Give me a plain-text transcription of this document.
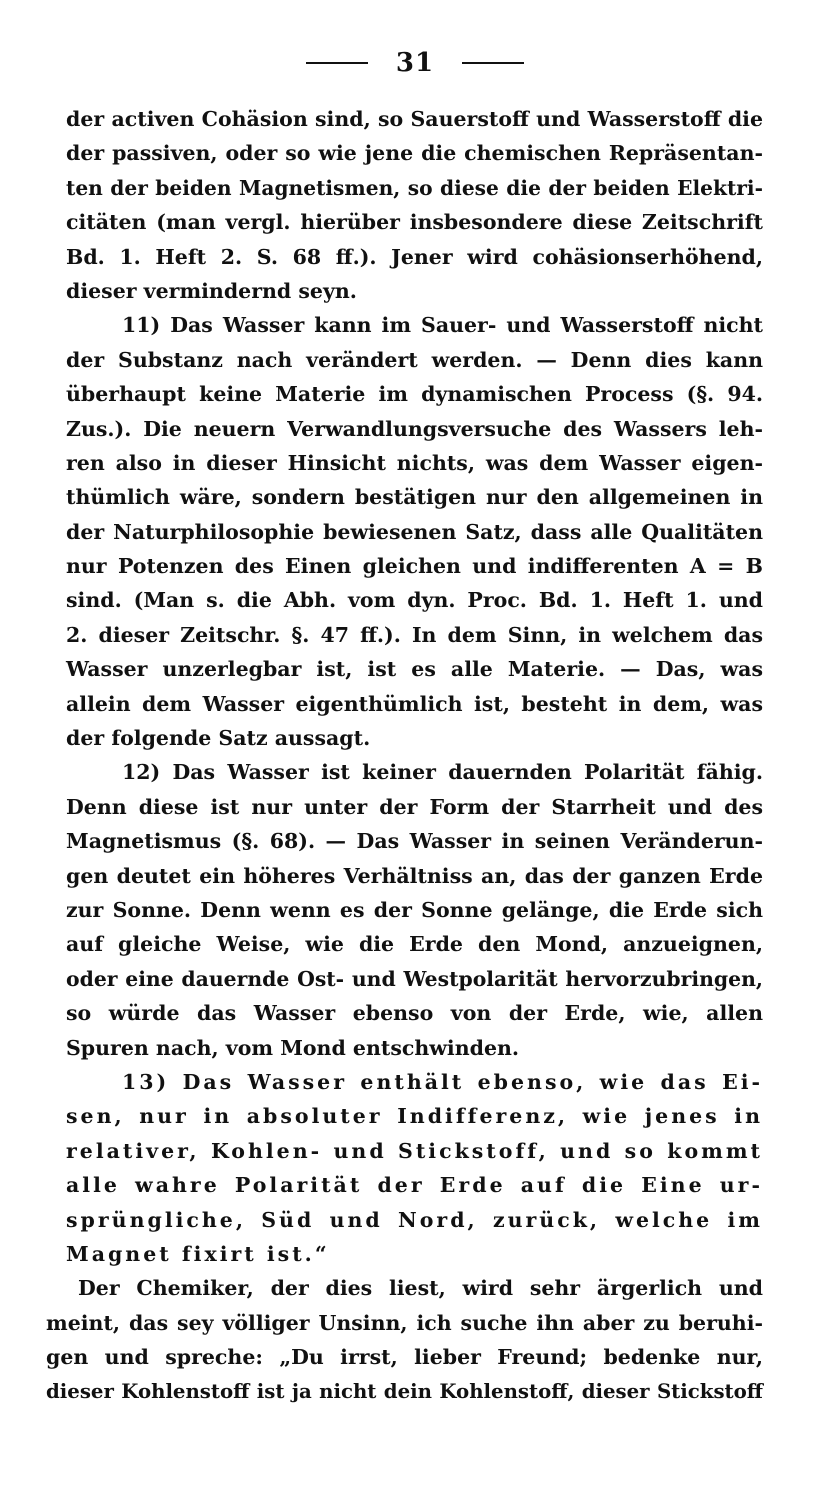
31
der activen Cohäsion sind, so Sauerstoff und Wasserstoff die
der passiven, oder so wie jene die chemischen Repräsentan-
ten der beiden Magnetismen, so diese die der beiden Elektri-
citäten (man vergl. hierüber insbesondere diese Zeitschrift
Bd. 1. Heft 2. S. 68 ff.). Jener wird cohäsionserhöhend,
dieser vermindernd seyn.
11) Das Wasser kann im Sauer- und Wasserstoff nicht
der Substanz nach verändert werden. — Denn dies kann
überhaupt keine Materie im dynamischen Process (§. 94.
Zus.). Die neuern Verwandlungsversuche des Wassers leh-
ren also in dieser Hinsicht nichts, was dem Wasser eigen-
thümlich wäre, sondern bestätigen nur den allgemeinen in
der Naturphilosophie bewiesenen Satz, dass alle Qualitäten
nur Potenzen des Einen gleichen und indifferenten A = B
sind. (Man s. die Abh. vom dyn. Proc. Bd. 1. Heft 1. und
2. dieser Zeitschr. §. 47 ff.). In dem Sinn, in welchem das
Wasser unzerlegbar ist, ist es alle Materie. — Das, was
allein dem Wasser eigenthümlich ist, besteht in dem, was
der folgende Satz aussagt.
12) Das Wasser ist keiner dauernden Polarität fähig.
Denn diese ist nur unter der Form der Starrheit und des
Magnetismus (§. 68). — Das Wasser in seinen Veränderun-
gen deutet ein höheres Verhältniss an, das der ganzen Erde
zur Sonne. Denn wenn es der Sonne gelänge, die Erde sich
auf gleiche Weise, wie die Erde den Mond, anzueignen,
oder eine dauernde Ost- und Westpolarität hervorzubringen,
so würde das Wasser ebenso von der Erde, wie, allen
Spuren nach, vom Mond entschwinden.
13) Das Wasser enthält ebenso, wie das Ei-
sen, nur in absoluter Indifferenz, wie jenes in
relativer, Kohlen- und Stickstoff, und so kommt
alle wahre Polarität der Erde auf die Eine ur-
sprüngliche, Süd und Nord, zurück, welche im
Magnet fixirt ist.“
Der Chemiker, der dies liest, wird sehr ärgerlich und
meint, das sey völliger Unsinn, ich suche ihn aber zu beruhi-
gen und spreche: „Du irrst, lieber Freund; bedenke nur,
dieser Kohlenstoff ist ja nicht dein Kohlenstoff, dieser Stickstoff
